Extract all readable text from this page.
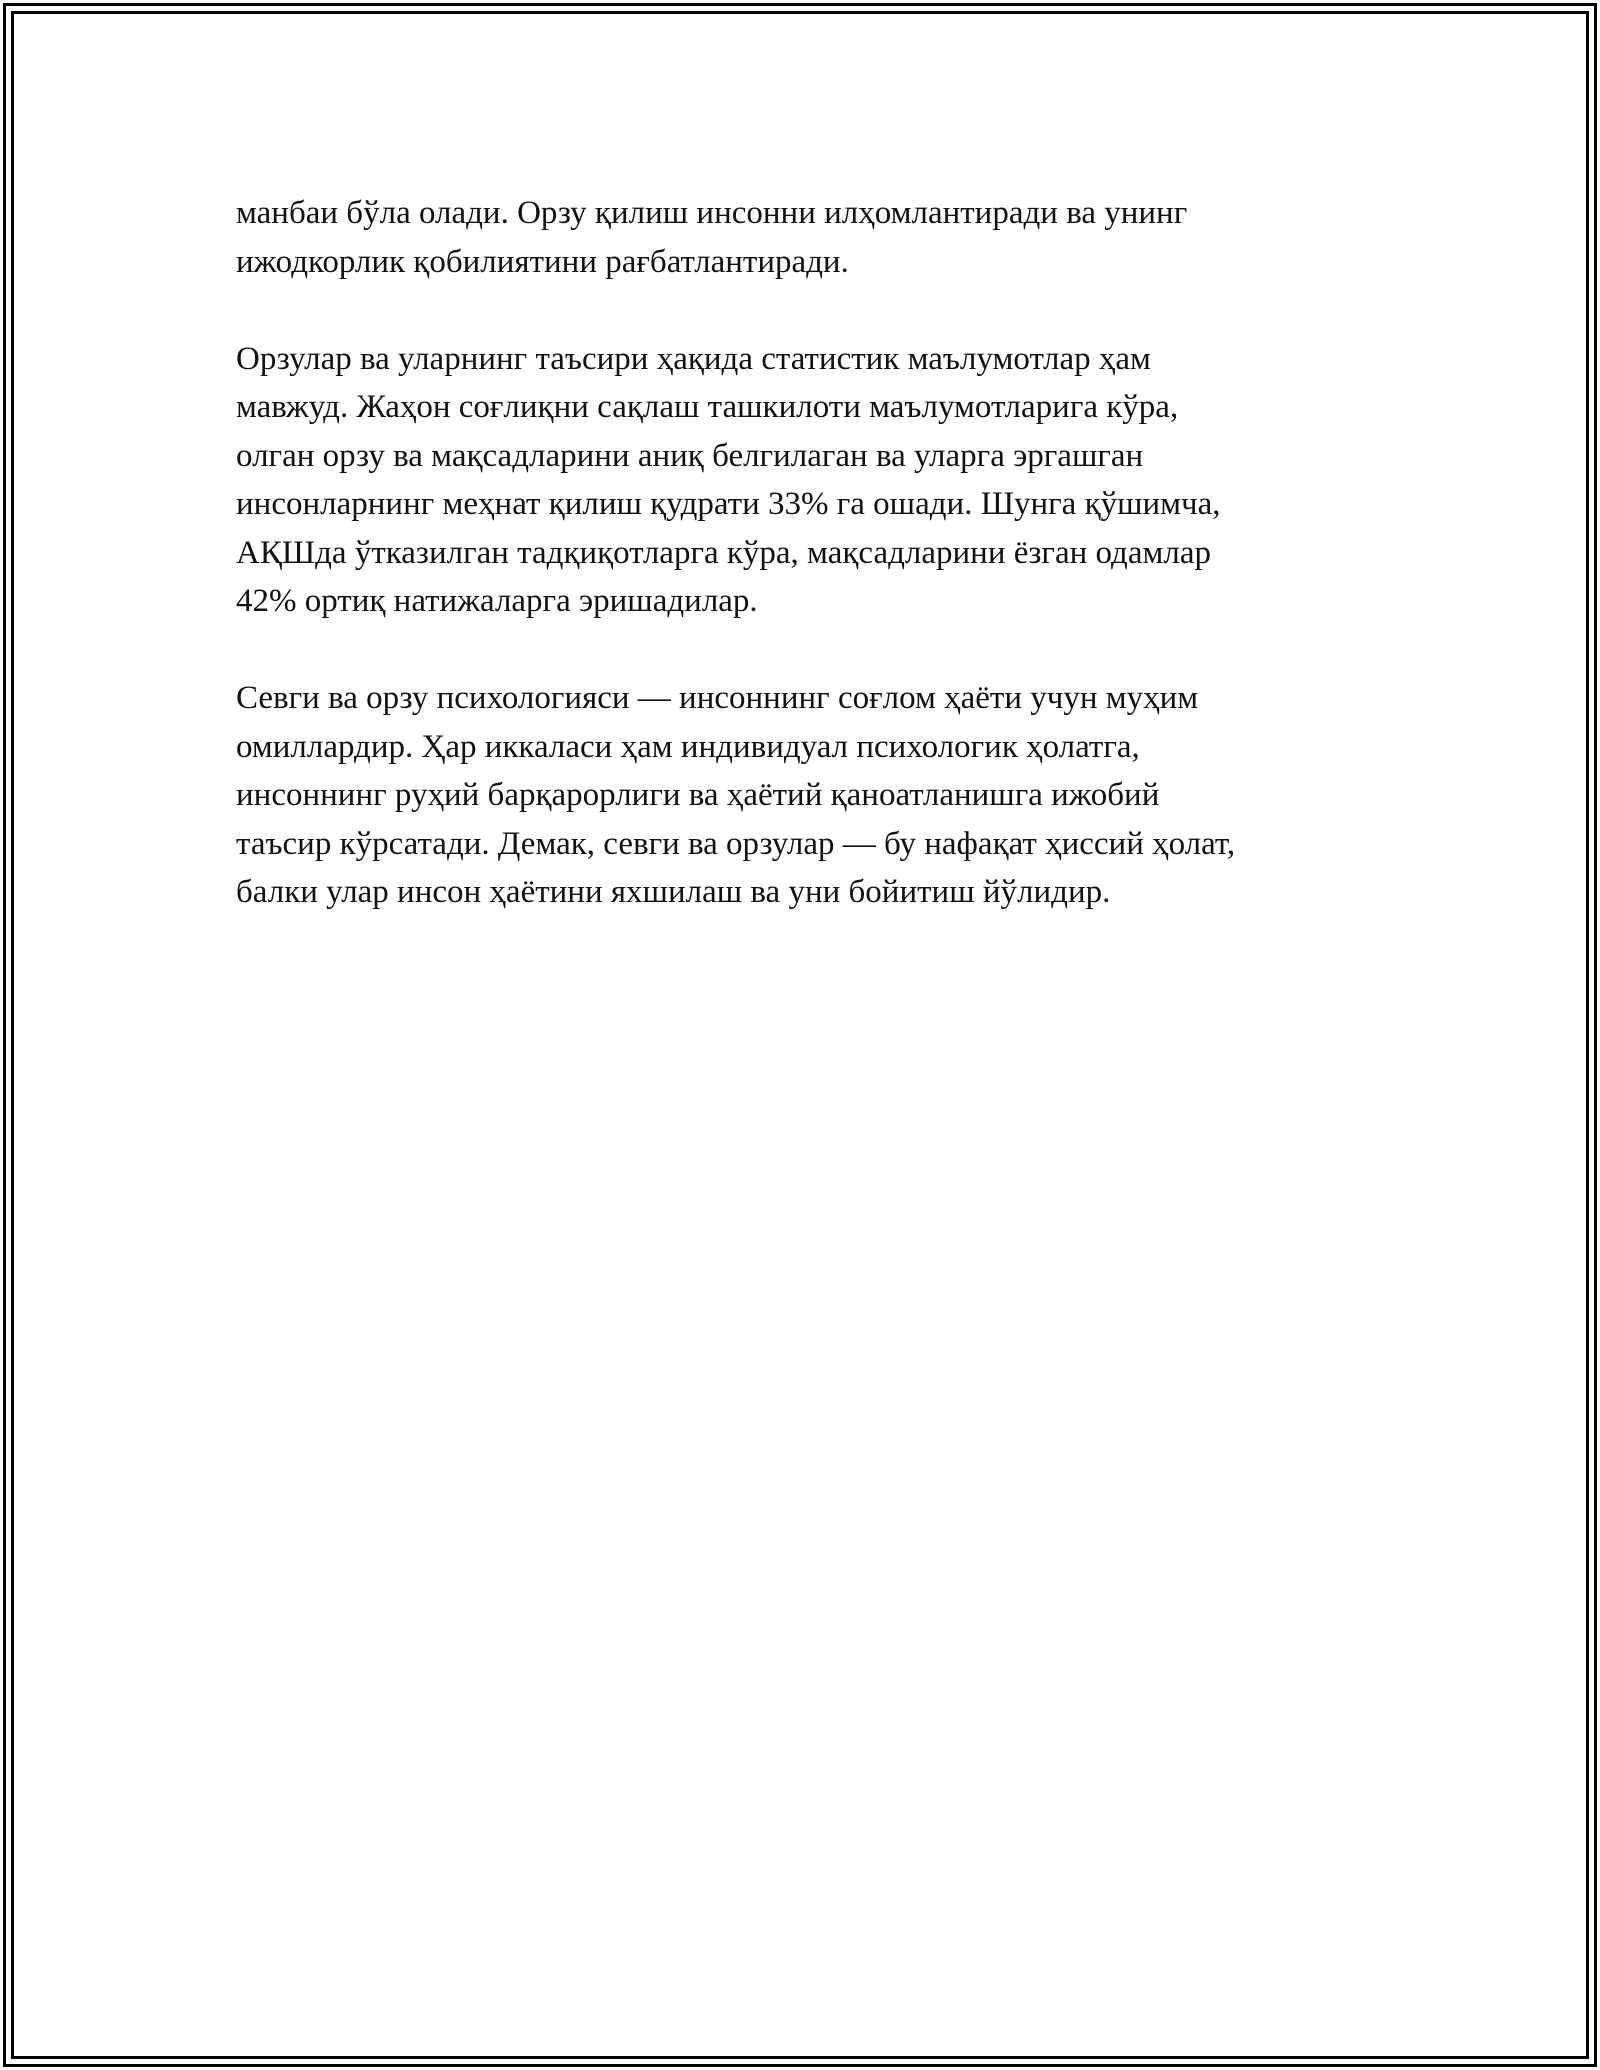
манбаи бўла олади. Орзу қилиш инсонни илҳомлантиради ва унинг
ижодкорлик қобилиятини рағбатлантиради.

Орзулар ва уларнинг таъсири ҳақида статистик маълумотлар ҳам
мавжуд. Жаҳон соғлиқни сақлаш ташкилоти маълумотларига кўра,
олган орзу ва мақсадларини аниқ белгилаган ва уларга эргашган
инсонларнинг меҳнат қилиш қудрати 33% га ошади. Шунга қўшимча,
АҚШда ўтказилган тадқиқотларга кўра, мақсадларини ёзган одамлар
42% ортиқ натижаларга эришадилар.

Севги ва орзу психологияси — инсоннинг соғлом ҳаёти учун муҳим
омиллардир. Ҳар иккаласи ҳам индивидуал психологик ҳолатга,
инсоннинг руҳий барқарорлиги ва ҳаётий қаноатланишга ижобий
таъсир кўрсатади. Демак, севги ва орзулар — бу нафақат ҳиссий ҳолат,
балки улар инсон ҳаётини яхшилаш ва уни бойитиш йўлидир.
